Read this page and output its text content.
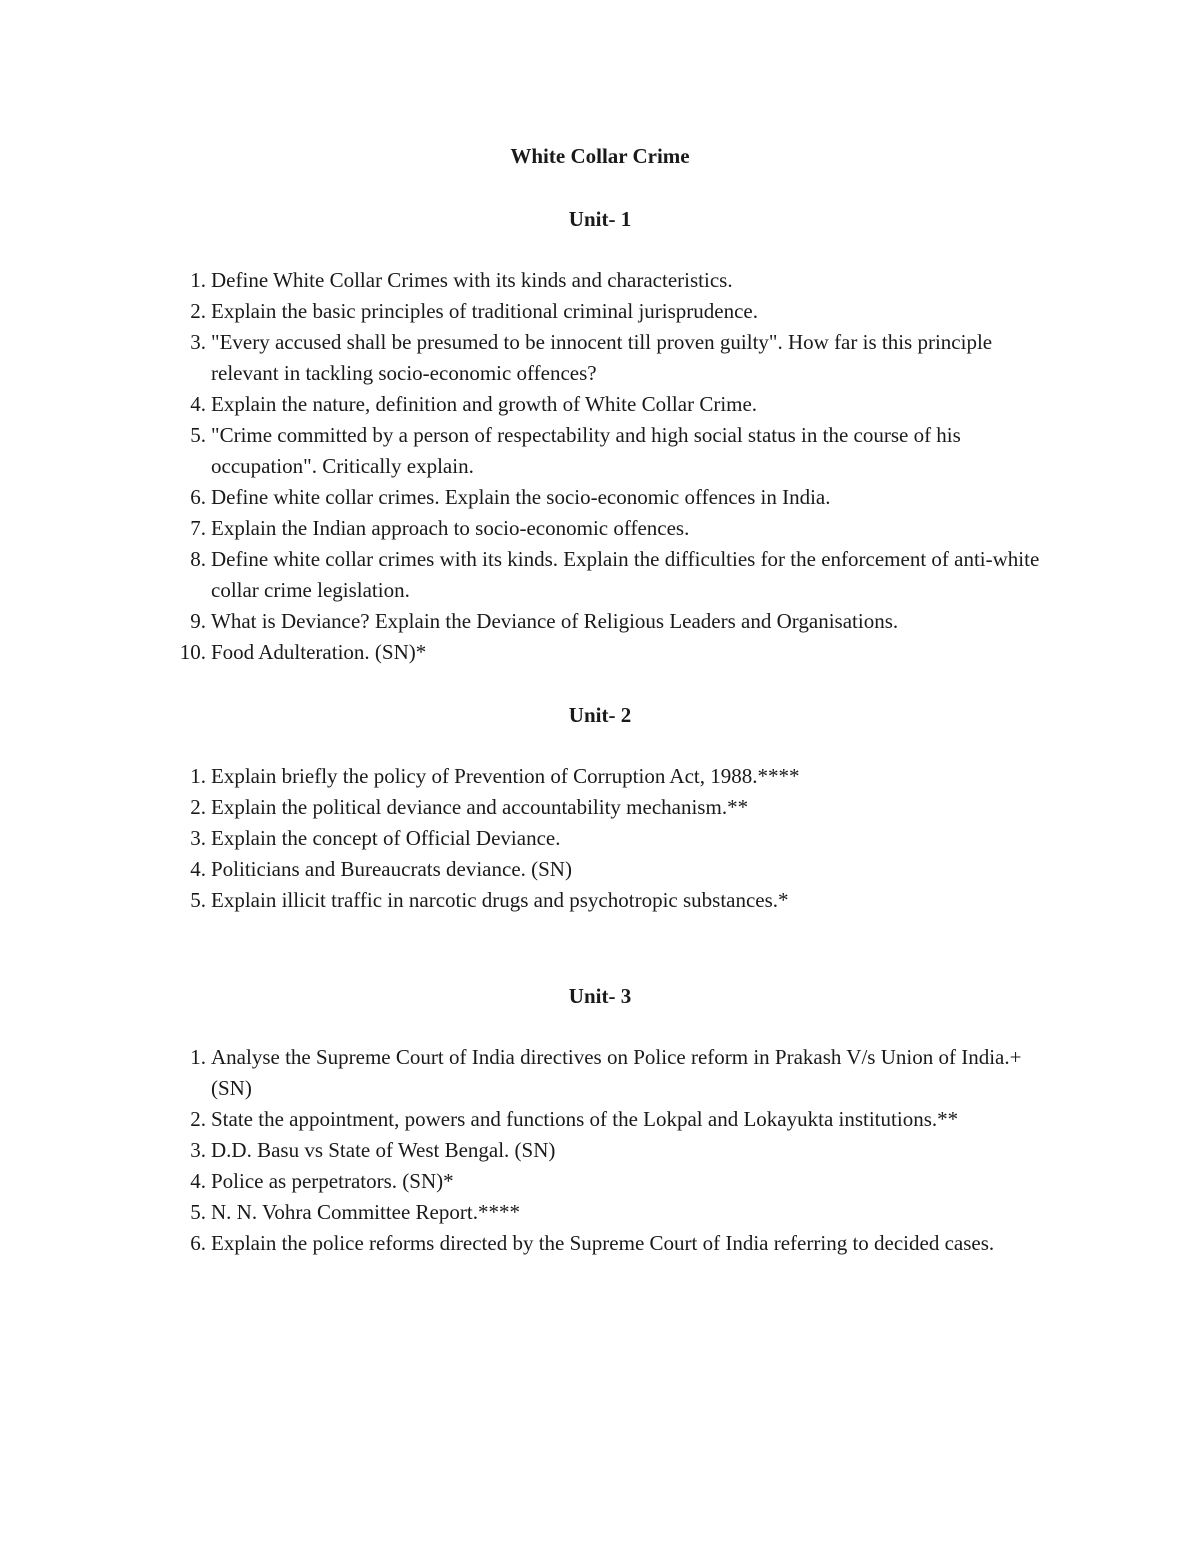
White Collar Crime
Unit- 1
1. Define White Collar Crimes with its kinds and characteristics.
2. Explain the basic principles of traditional criminal jurisprudence.
3. "Every accused shall be presumed to be innocent till proven guilty". How far is this principle relevant in tackling socio-economic offences?
4. Explain the nature, definition and growth of White Collar Crime.
5. "Crime committed by a person of respectability and high social status in the course of his occupation". Critically explain.
6. Define white collar crimes. Explain the socio-economic offences in India.
7. Explain the Indian approach to socio-economic offences.
8. Define white collar crimes with its kinds. Explain the difficulties for the enforcement of anti-white collar crime legislation.
9. What is Deviance? Explain the Deviance of Religious Leaders and Organisations.
10. Food Adulteration. (SN)*
Unit- 2
1. Explain briefly the policy of Prevention of Corruption Act, 1988.****
2. Explain the political deviance and accountability mechanism.**
3. Explain the concept of Official Deviance.
4. Politicians and Bureaucrats deviance. (SN)
5. Explain illicit traffic in narcotic drugs and psychotropic substances.*
Unit- 3
1. Analyse the Supreme Court of India directives on Police reform in Prakash V/s Union of India.+(SN)
2. State the appointment, powers and functions of the Lokpal and Lokayukta institutions.**
3. D.D. Basu vs State of West Bengal. (SN)
4. Police as perpetrators. (SN)*
5. N. N. Vohra Committee Report.****
6. Explain the police reforms directed by the Supreme Court of India referring to decided cases.
